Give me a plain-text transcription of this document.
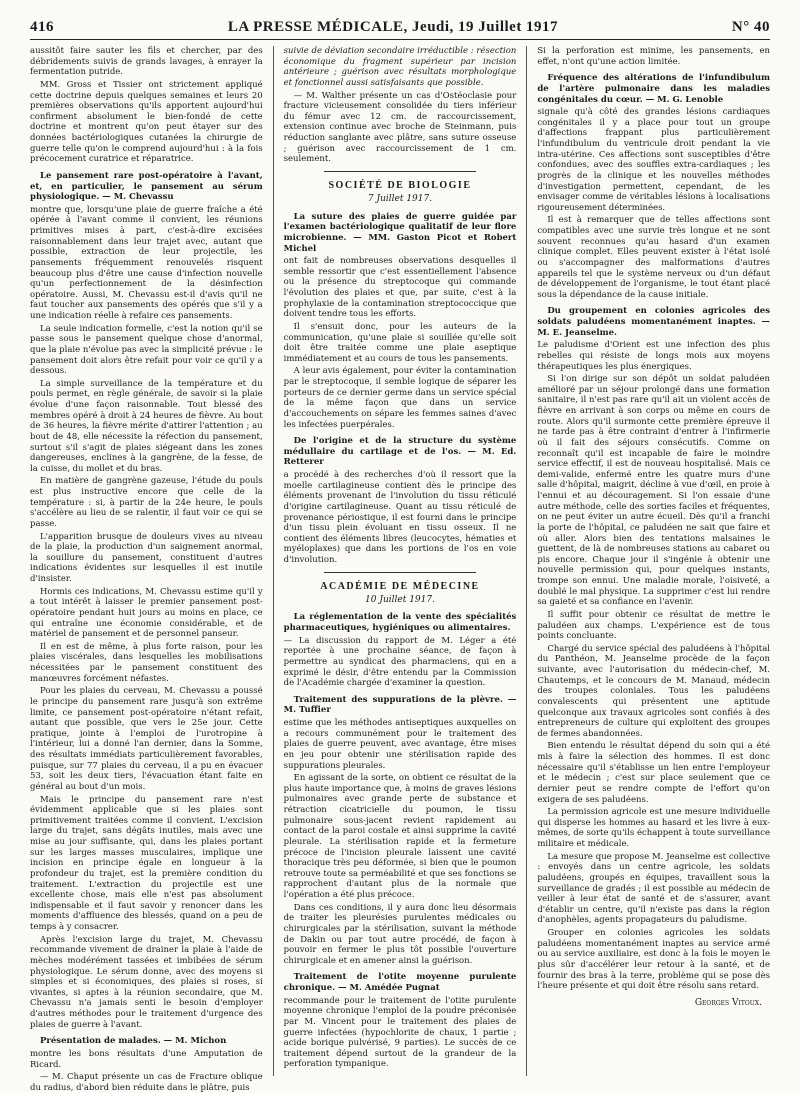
416	LA PRESSE MÉDICALE, Jeudi, 19 Juillet 1917	N° 40

aussitôt faire sauter les fils et chercher, par des débridements suivis de grands lavages, à enrayer la fermentation putride.

MM. Gross et Tissier ont strictement appliqué cette doctrine depuis quelques semaines et leurs 20 premières observations qu'ils apportent aujourd'hui confirment absolument le bien-fondé de cette doctrine et montrent qu'on peut étayer sur des données bactériologiques cutanées la chirurgie de guerre telle qu'on le comprend aujourd'hui : à la fois précocement curatrice et réparatrice.

Le pansement rare post-opératoire à l'avant, et, en particulier, le pansement au sérum physiologique. — M. Chevassu

montre que, lorsqu'une plaie de guerre fraîche a été opérée à l'avant comme il convient, les réunions primitives mises à part, c'est-à-dire excisées raisonnablement dans leur trajet avec, autant que possible, extraction de leur projectile, les pansements fréquemment renouvelés risquent beaucoup plus d'être une cause d'infection nouvelle qu'un perfectionnement de la désinfection opératoire. Aussi, M. Chevassu est-il d'avis qu'il ne faut toucher aux pansements des opérés que s'il y a une indication réelle à refaire ces pansements.

La seule indication formelle, c'est la notion qu'il se passe sous le pansement quelque chose d'anormal, que la plaie n'évolue pas avec la simplicité prévue : le pansement doit alors être refait pour voir ce qu'il y a dessous.

La simple surveillance de la température et du pouls permet, en règle générale, de savoir si la plaie évolue d'une façon raisonnable. Tout blessé des membres opéré à droit à 24 heures de fièvre. Au bout de 36 heures, la fièvre mérite d'attirer l'attention ; au bout de 48, elle nécessite la réfection du pansement, surtout s'il s'agit de plaies siégeant dans les zones dangereuses, enclines à la gangrène, de la fesse, de la cuisse, du mollet et du bras.

En matière de gangrène gazeuse, l'étude du pouls est plus instructive encore que celle de la température : si, à partir de la 24e heure, le pouls s'accélère au lieu de se ralentir, il faut voir ce qui se passe.

L'apparition brusque de douleurs vives au niveau de la plaie, la production d'un saignement anormal, la souillure du pansement, constituent d'autres indications évidentes sur lesquelles il est inutile d'insister.

Hormis ces indications, M. Chevassu estime qu'il y a tout intérêt à laisser le premier pansement post-opératoire pendant huit jours au moins en place, ce qui entraîne une économie considérable, et de matériel de pansement et de personnel panseur.

Il en est de même, à plus forte raison, pour les plaies viscérales, dans lesquelles les mobilisations nécessitées par le pansement constituent des manœuvres forcément néfastes.

Pour les plaies du cerveau, M. Chevassu a poussé le principe du pansement rare jusqu'à son extrême limite, ce pansement post-opératoire n'étant refait, autant que possible, que vers le 25e jour. Cette pratique, jointe à l'emploi de l'urotropine à l'intérieur, lui a donné l'an dernier, dans la Somme, des résultats immédiats particulièrement favorables, puisque, sur 77 plaies du cerveau, il a pu en évacuer 53, soit les deux tiers, l'évacuation étant faite en général au bout d'un mois.

Mais le principe du pansement rare n'est évidemment applicable que si les plaies sont primitivement traitées comme il convient. L'excision large du trajet, sans dégâts inutiles, mais avec une mise au jour suffisante, qui, dans les plaies portant sur les larges masses musculaires, implique une incision en principe égale en longueur à la profondeur du trajet, est la première condition du traitement. L'extraction du projectile est une excellente chose, mais elle n'est pas absolument indispensable et il faut savoir y renoncer dans les moments d'affluence des blessés, quand on a peu de temps à y consacrer.

Après l'excision large du trajet, M. Chevassu recommande vivement de drainer la plaie à l'aide de mèches modérément tassées et imbibées de sérum physiologique. Le sérum donne, avec des moyens si simples et si économiques, des plaies si roses, si vivantes, si aptes à la réunion secondaire, que M. Chevassu n'a jamais senti le besoin d'employer d'autres méthodes pour le traitement d'urgence des plaies de guerre à l'avant.

Présentation de malades. — M. Michon

montre les bons résultats d'une Amputation de Ricard.

— M. Chaput présente un cas de Fracture oblique du radius, d'abord bien réduite dans le plâtre, puis

suivie de déviation secondaire irréductible : résection économique du fragment supérieur par incision antérieure ; guérison avec résultats morphologique et fonctionnel aussi satisfaisants que possible.

— M. Walther présente un cas d'Ostéoclasie pour fracture vicieusement consolidée du tiers inférieur du fémur avec 12 cm. de raccourcissement, extension continue avec broche de Steinmann, puis réduction sanglante avec plâtre, sans suture osseuse ; guérison avec raccourcissement de 1 cm. seulement.

SOCIÉTÉ DE BIOLOGIE
7 Juillet 1917.
La suture des plaies de guerre guidée par l'examen bactériologique qualitatif de leur flore microbienne. — MM. Gaston Picot et Robert Michel

ont fait de nombreuses observations desquelles il semble ressortir que c'est essentiellement l'absence ou la présence du streptocoque qui commande l'évolution des plaies et que, par suite, c'est à la prophylaxie de la contamination streptococcique que doivent tendre tous les efforts.

Il s'ensuit donc, pour les auteurs de la communication, qu'une plaie si souillée qu'elle soit doit être traitée comme une plaie aseptique immédiatement et au cours de tous les pansements.

A leur avis également, pour éviter la contamination par le streptocoque, il semble logique de séparer les porteurs de ce dernier germe dans un service spécial de la même façon que dans un service d'accouchements on sépare les femmes saines d'avec les infectées puerpérales.

De l'origine et de la structure du système médullaire du cartilage et de l'os. — M. Ed. Retterer

a procédé à des recherches d'où il ressort que la moelle cartilagineuse contient dès le principe des éléments provenant de l'involution du tissu réticulé d'origine cartilagineuse. Quant au tissu réticulé de provenance périostique, il est fourni dans le principe d'un tissu plein évoluant en tissu osseux. Il ne contient des éléments libres (leucocytes, hématies et myéloplaxes) que dans les portions de l'os en voie d'involution.

ACADÉMIE DE MÉDECINE
10 Juillet 1917.
La réglementation de la vente des spécialités pharmaceutiques, hygiéniques ou alimentaires.

— La discussion du rapport de M. Léger a été reportée à une prochaine séance, de façon à permettre au syndicat des pharmaciens, qui en a exprimé le désir, d'être entendu par la Commission de l'Académie chargée d'examiner la question.

Traitement des suppurations de la plèvre. — M. Tuffier

estime que les méthodes antiseptiques auxquelles on a recours communément pour le traitement des plaies de guerre peuvent, avec avantage, être mises en jeu pour obtenir une stérilisation rapide des suppurations pleurales.

En agissant de la sorte, on obtient ce résultat de la plus haute importance que, à moins de graves lésions pulmonaires avec grande perte de substance et rétraction cicatricielle du poumon, le tissu pulmonaire sous-jacent revient rapidement au contact de la paroi costale et ainsi supprime la cavité pleurale. La stérilisation rapide et la fermeture précoce de l'incision pleurale laissent une cavité thoracique très peu déformée, si bien que le poumon retrouve toute sa perméabilité et que ses fonctions se rapprochent d'autant plus de la normale que l'opération a été plus précoce.

Dans ces conditions, il y aura donc lieu désormais de traiter les pleurésies purulentes médicales ou chirurgicales par la stérilisation, suivant la méthode de Dakin ou par tout autre procédé, de façon à pouvoir en fermer le plus tôt possible l'ouverture chirurgicale et en amener ainsi la guérison.

Traitement de l'otite moyenne purulente chronique. — M. Amédée Pugnat

recommande pour le traitement de l'otite purulente moyenne chronique l'emploi de la poudre préconisée par M. Vincent pour le traitement des plaies de guerre infectées (hypochlorite de chaux, 1 partie ; acide borique pulvérisé, 9 parties). Le succès de ce traitement dépend surtout de la grandeur de la perforation tympanique.

Si la perforation est minime, les pansements, en effet, n'ont qu'une action limitée.

Fréquence des altérations de l'infundibulum de l'artère pulmonaire dans les maladies congénitales du cœur. — M. G. Lenoble

signale qu'à côté des grandes lésions cardiaques congénitales il y a place pour tout un groupe d'affections frappant plus particulièrement l'infundibulum du ventricule droit pendant la vie intra-utérine. Ces affections sont susceptibles d'être confondues, avec des souffles extra-cardiaques ; les progrès de la clinique et les nouvelles méthodes d'investigation permettent, cependant, de les envisager comme de véritables lésions à localisations rigoureusement déterminées.

Il est à remarquer que de telles affections sont compatibles avec une survie très longue et ne sont souvent reconnues qu'au hasard d'un examen clinique complet. Elles peuvent exister à l'état isolé ou s'accompagner des malformations d'autres appareils tel que le système nerveux ou d'un défaut de développement de l'organisme, le tout étant placé sous la dépendance de la cause initiale.

Du groupement en colonies agricoles des soldats paludéens momentanément inaptes. — M. E. Jeanselme.

Le paludisme d'Orient est une infection des plus rebelles qui résiste de longs mois aux moyens thérapeutiques les plus énergiques.

Si l'on dirige sur son dépôt un soldat paludéen amélioré par un séjour prolongé dans une formation sanitaire, il n'est pas rare qu'il ait un violent accès de fièvre en arrivant à son corps ou même en cours de route. Alors qu'il surmonte cette première épreuve il ne tarde pas à être contraint d'entrer à l'infirmerie où il fait des séjours consécutifs. Comme on reconnaît qu'il est incapable de faire le moindre service effectif, il est de nouveau hospitalisé. Mais ce demi-valide, enfermé entre les quatre murs d'une salle d'hôpital, maigrit, décline à vue d'œil, en proie à l'ennui et au découragement. Si l'on essaie d'une autre méthode, celle des sorties faciles et fréquentes, on ne peut éviter un autre écueil. Dès qu'il a franchi la porte de l'hôpital, ce paludéen ne sait que faire et où aller. Alors bien des tentations malsaines le guettent, de là de nombreuses stations au cabaret ou pis encore. Chaque jour il s'ingénie à obtenir une nouvelle permission qui, pour quelques instants, trompe son ennui. Une maladie morale, l'oisiveté, a doublé le mal physique. La supprimer c'est lui rendre sa gaieté et sa confiance en l'avenir.

Il suffit pour obtenir ce résultat de mettre le paludéen aux champs. L'expérience est de tous points concluante.

Chargé du service spécial des paludéens à l'hôpital du Panthéon, M. Jeanselme procède de la façon suivante, avec l'autorisation du médecin-chef, M. Chautemps, et le concours de M. Manaud, médecin des troupes coloniales. Tous les paludéens convalescents qui présentent une aptitude quelconque aux travaux agricoles sont confiés à des entrepreneurs de culture qui exploitent des groupes de fermes abandonnées.

Bien entendu le résultat dépend du soin qui a été mis à faire la sélection des hommes. Il est donc nécessaire qu'il s'établisse un lien entre l'employeur et le médecin ; c'est sur place seulement que ce dernier peut se rendre compte de l'effort qu'on exigera de ses paludéens.

La permission agricole est une mesure individuelle qui disperse les hommes au hasard et les livre à eux-mêmes, de sorte qu'ils échappent à toute surveillance militaire et médicale.

La mesure que propose M. Jeanselme est collective : envoyés dans un centre agricole, les soldats paludéens, groupés en équipes, travaillent sous la surveillance de gradés ; il est possible au médecin de veiller à leur état de santé et de s'assurer, avant d'établir un centre, qu'il n'existe pas dans la région d'anophèles, agents propagateurs du paludisme.

Grouper en colonies agricoles les soldats paludéens momentanément inaptes au service armé ou au service auxiliaire, est donc à la fois le moyen le plus sûr d'accélérer leur retour à la santé, et de fournir des bras à la terre, problème qui se pose dès l'heure présente et qui doit être résolu sans retard.

Georges Vitoux.
